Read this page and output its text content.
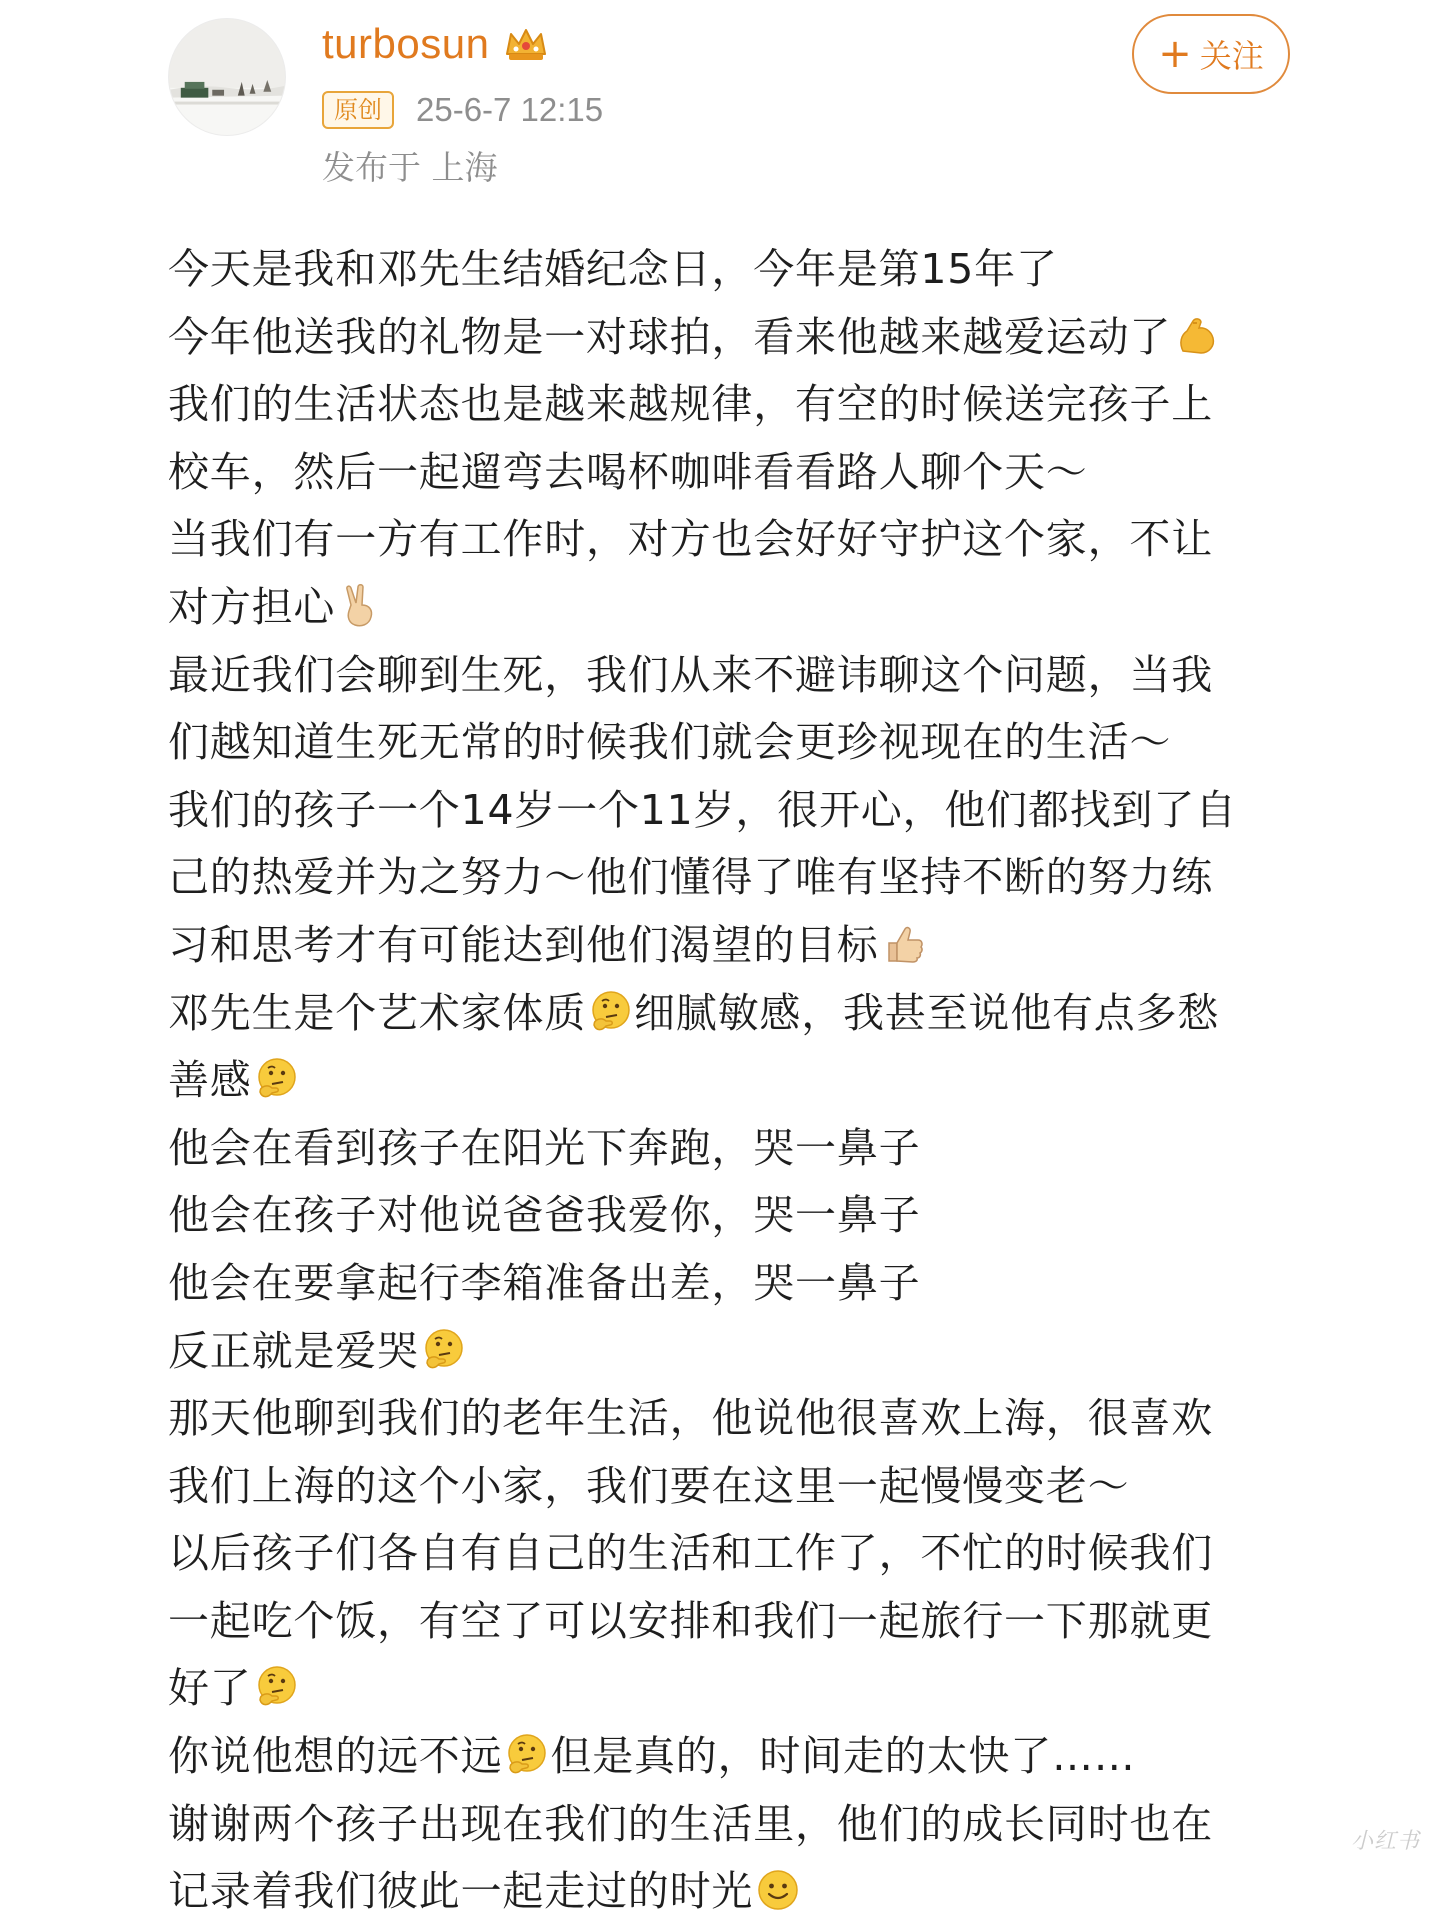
turbosun
原创	25-6-7 12:15
发布于 上海
+ 关注
今天是我和邓先生结婚纪念日，今年是第15年了
今年他送我的礼物是一对球拍，看来他越来越爱运动了
我们的生活状态也是越来越规律，有空的时候送完孩子上
校车，然后一起遛弯去喝杯咖啡看看路人聊个天～
当我们有一方有工作时，对方也会好好守护这个家，不让
对方担心
最近我们会聊到生死，我们从来不避讳聊这个问题，当我
们越知道生死无常的时候我们就会更珍视现在的生活～
我们的孩子一个14岁一个11岁，很开心，他们都找到了自
己的热爱并为之努力～他们懂得了唯有坚持不断的努力练
习和思考才有可能达到他们渴望的目标
邓先生是个艺术家体质 细腻敏感，我甚至说他有点多愁
善感
他会在看到孩子在阳光下奔跑，哭一鼻子
他会在孩子对他说爸爸我爱你，哭一鼻子
他会在要拿起行李箱准备出差，哭一鼻子
反正就是爱哭
那天他聊到我们的老年生活，他说他很喜欢上海，很喜欢
我们上海的这个小家，我们要在这里一起慢慢变老～
以后孩子们各自有自己的生活和工作了，不忙的时候我们
一起吃个饭，有空了可以安排和我们一起旅行一下那就更
好了
你说他想的远不远 但是真的，时间走的太快了……
谢谢两个孩子出现在我们的生活里，他们的成长同时也在
记录着我们彼此一起走过的时光
小红书
